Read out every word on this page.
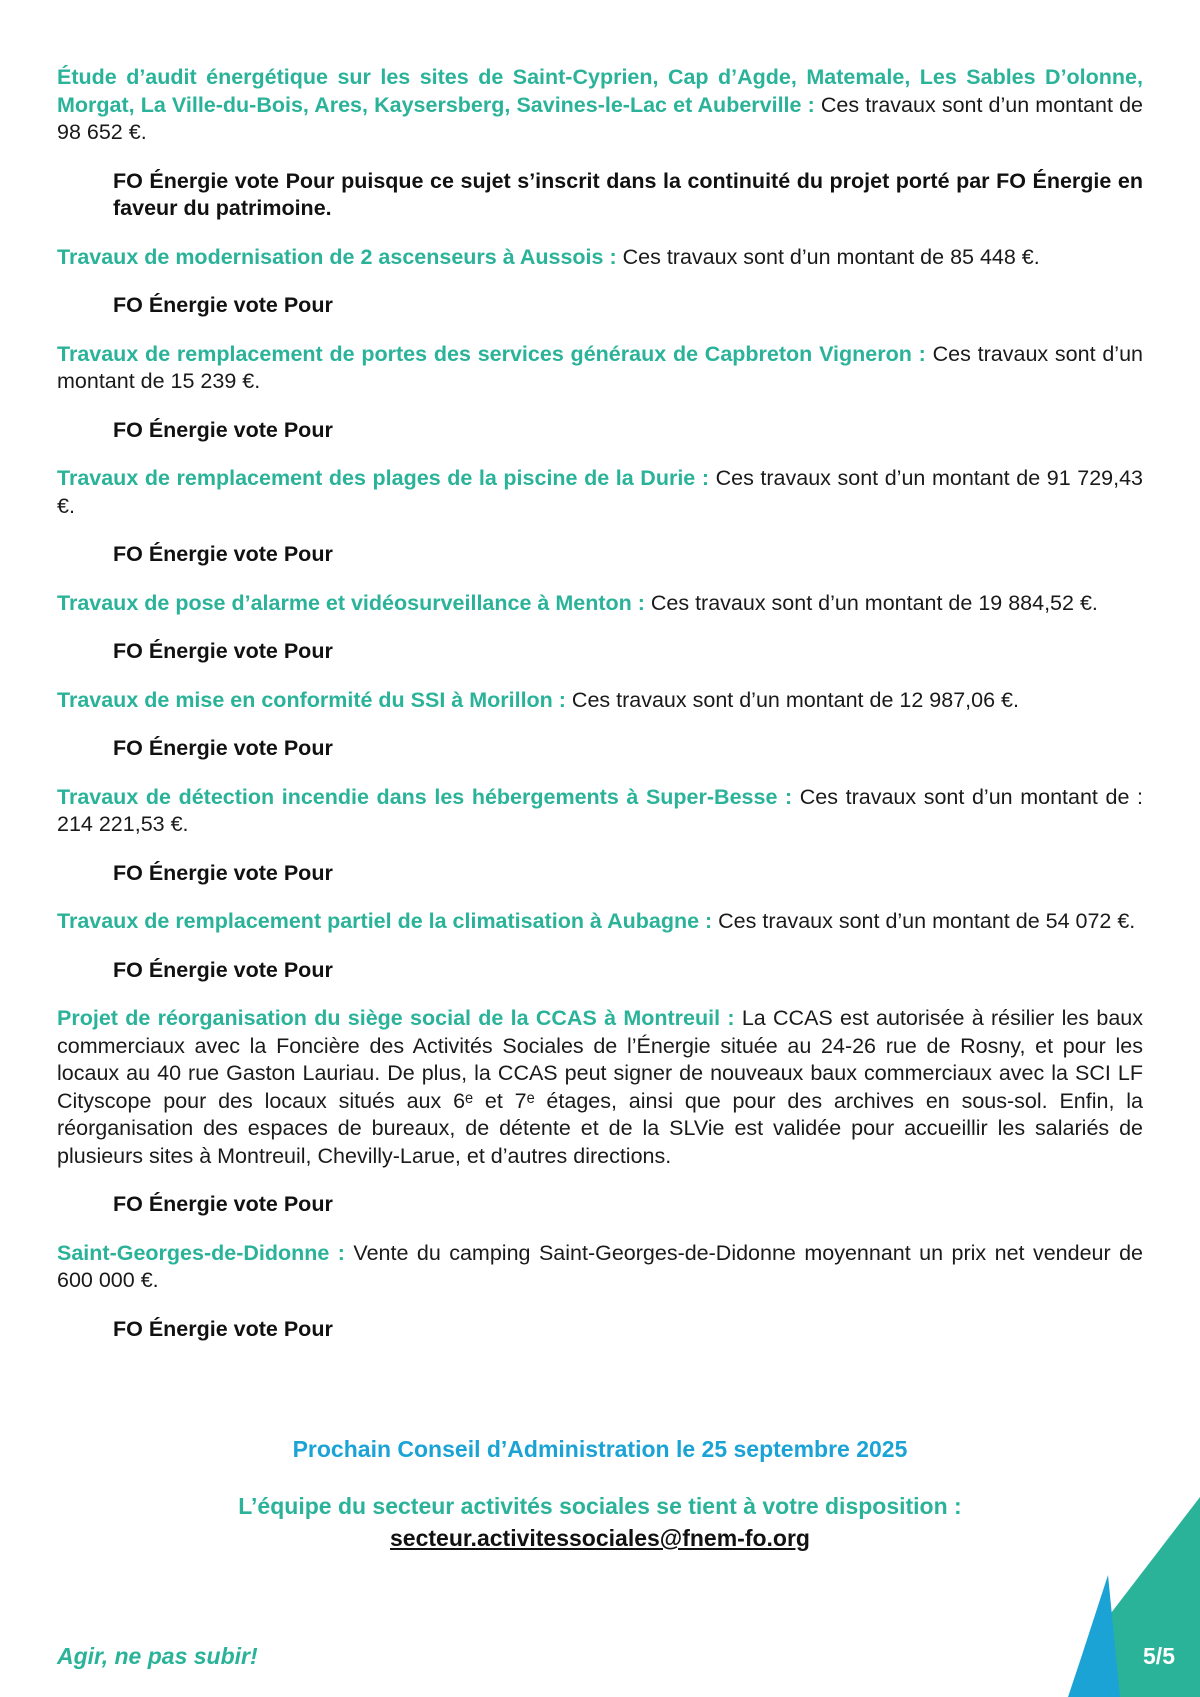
Étude d’audit énergétique sur les sites de Saint-Cyprien, Cap d’Agde, Matemale, Les Sables D’olonne, Morgat, La Ville-du-Bois, Ares, Kaysersberg, Savines-le-Lac et Auberville : Ces travaux sont d’un montant de 98 652 €.

FO Énergie vote Pour puisque ce sujet s’inscrit dans la continuité du projet porté par FO Énergie en faveur du patrimoine.

Travaux de modernisation de 2 ascenseurs à Aussois : Ces travaux sont d’un montant de 85 448 €.

FO Énergie vote Pour

Travaux de remplacement de portes des services généraux de Capbreton Vigneron : Ces travaux sont d’un montant de 15 239 €.

FO Énergie vote Pour

Travaux de remplacement des plages de la piscine de la Durie : Ces travaux sont d’un montant de 91 729,43 €.

FO Énergie vote Pour

Travaux de pose d’alarme et vidéosurveillance à Menton : Ces travaux sont d’un montant de 19 884,52 €.

FO Énergie vote Pour

Travaux de mise en conformité du SSI à Morillon : Ces travaux sont d’un montant de 12 987,06 €.

FO Énergie vote Pour

Travaux de détection incendie dans les hébergements à Super-Besse : Ces travaux sont d’un montant de : 214 221,53 €.

FO Énergie vote Pour

Travaux de remplacement partiel de la climatisation à Aubagne : Ces travaux sont d’un montant de 54 072 €.

FO Énergie vote Pour

Projet de réorganisation du siège social de la CCAS à Montreuil : La CCAS est autorisée à résilier les baux commerciaux avec la Foncière des Activités Sociales de l’Énergie située au 24-26 rue de Rosny, et pour les locaux au 40 rue Gaston Lauriau. De plus, la CCAS peut signer de nouveaux baux commerciaux avec la SCI LF Cityscope pour des locaux situés aux 6ᵉ et 7ᵉ étages, ainsi que pour des archives en sous-sol. Enfin, la réorganisation des espaces de bureaux, de détente et de la SLVie est validée pour accueillir les salariés de plusieurs sites à Montreuil, Chevilly-Larue, et d’autres directions.

FO Énergie vote Pour

Saint-Georges-de-Didonne : Vente du camping Saint-Georges-de-Didonne moyennant un prix net vendeur de 600 000 €.

FO Énergie vote Pour

Prochain Conseil d’Administration le 25 septembre 2025
L’équipe du secteur activités sociales se tient à votre disposition :
secteur.activitessociales@fnem-fo.org
Agir, ne pas subir!	5/5
